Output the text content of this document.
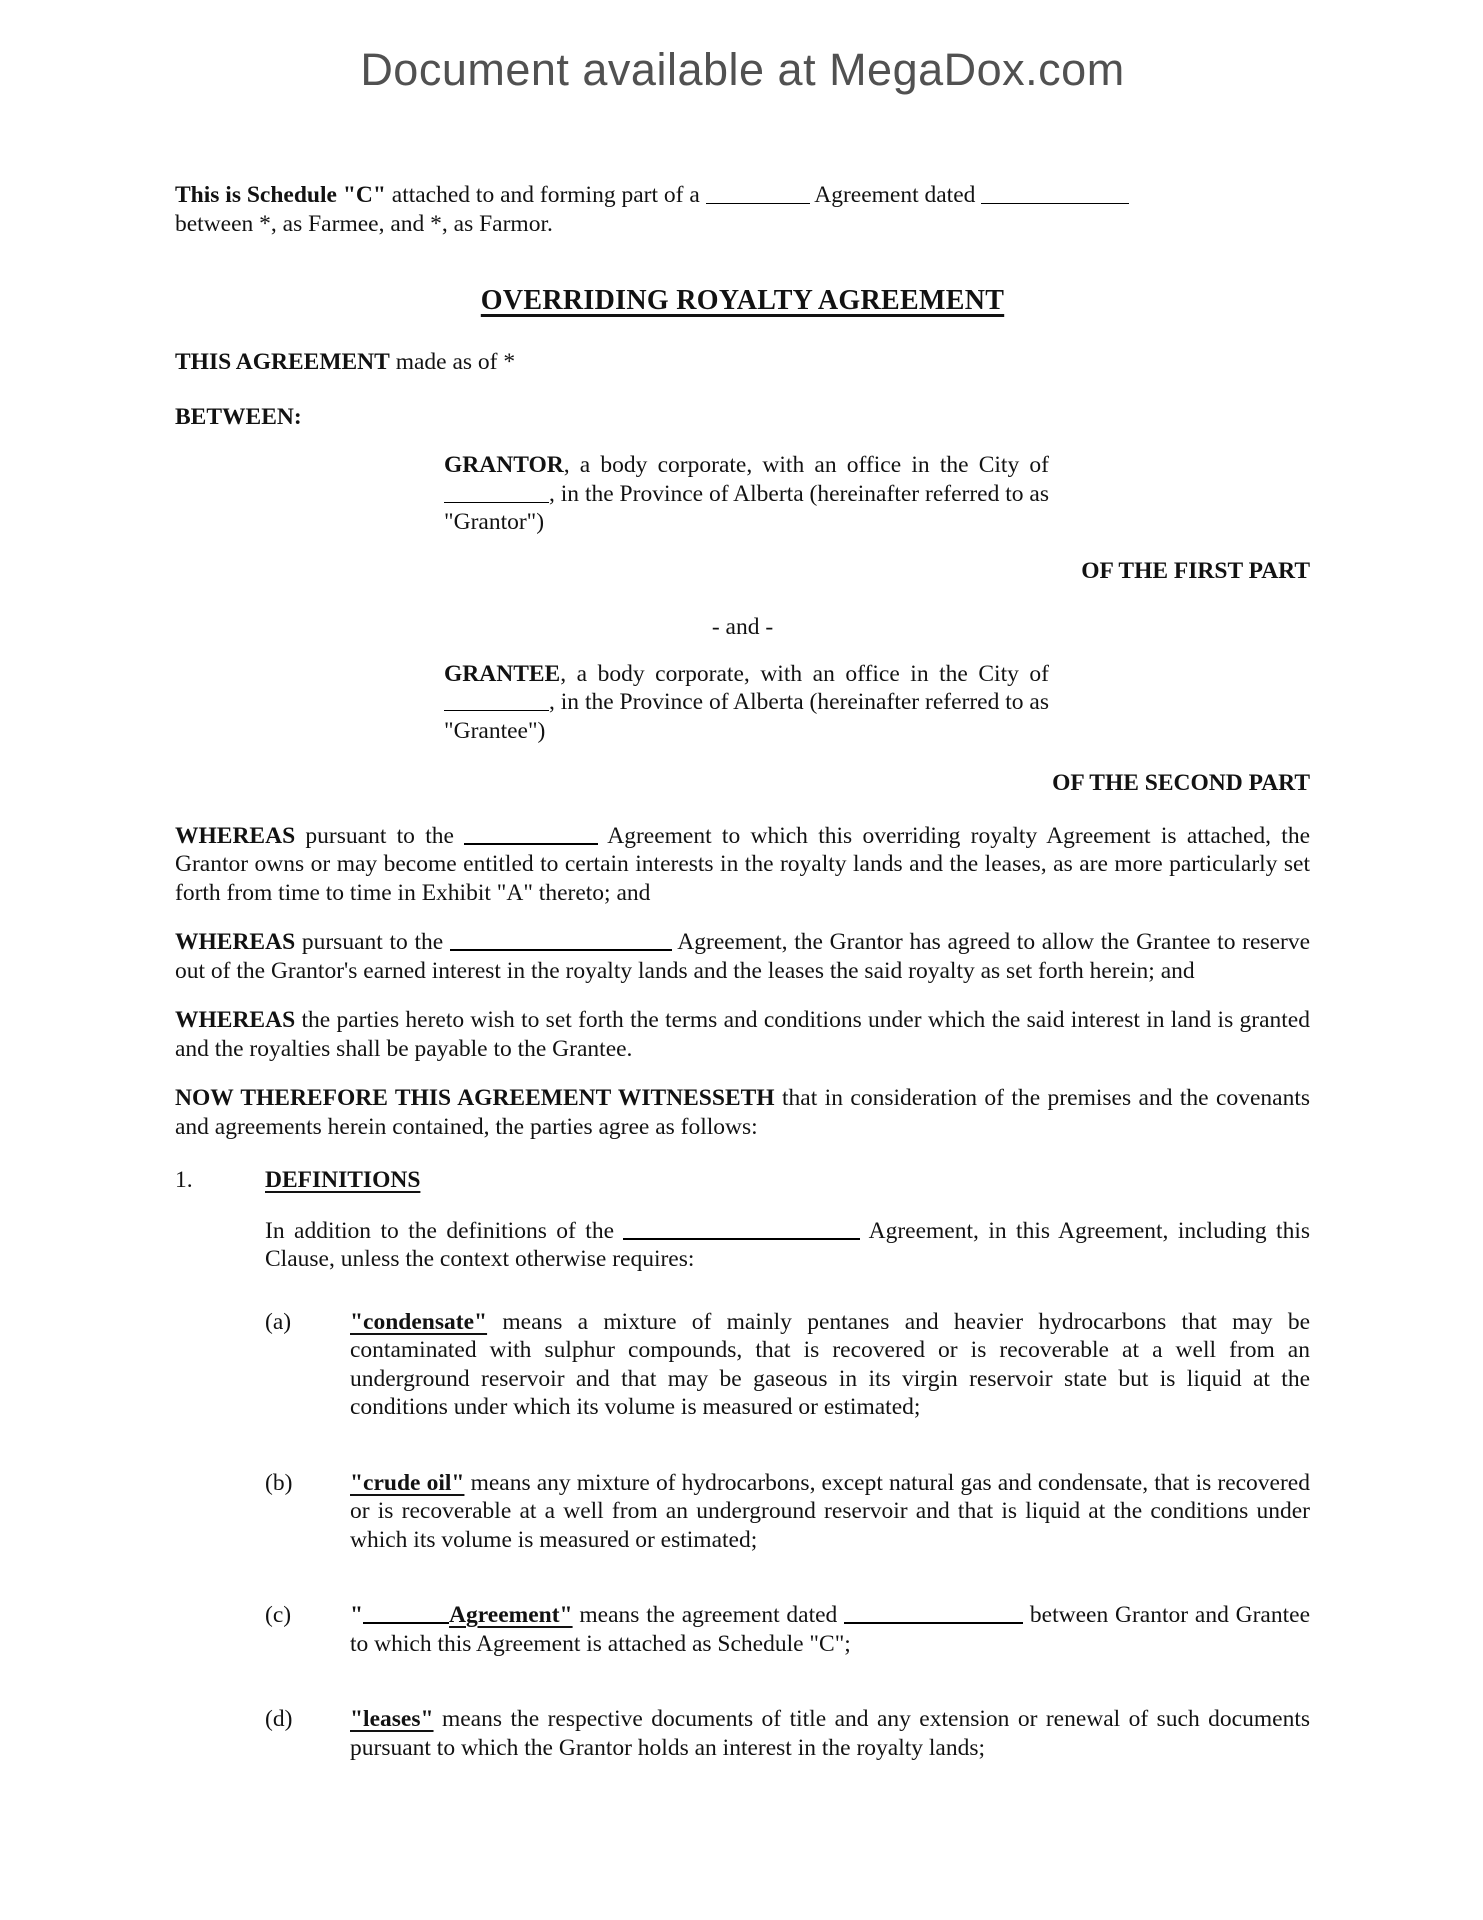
Document available at MegaDox.com

This is Schedule "C" attached to and forming part of a	Agreement dated
between *, as Farmee, and *, as Farmor.

OVERRIDING ROYALTY AGREEMENT

THIS AGREEMENT made as of *

BETWEEN:

GRANTOR, a body corporate, with an office in the City of , in the Province of Alberta (hereinafter referred to as "Grantor")

OF THE FIRST PART
- and -

GRANTEE, a body corporate, with an office in the City of , in the Province of Alberta (hereinafter referred to as "Grantee")

OF THE SECOND PART

WHEREAS pursuant to the	Agreement to which this overriding royalty Agreement is attached, the Grantor owns or may become entitled to certain interests in the royalty lands and the leases, as are more particularly set forth from time to time in Exhibit "A" thereto; and

WHEREAS pursuant to the	Agreement, the Grantor has agreed to allow the Grantee to reserve out of the Grantor's earned interest in the royalty lands and the leases the said royalty as set forth herein; and

WHEREAS the parties hereto wish to set forth the terms and conditions under which the said interest in land is granted and the royalties shall be payable to the Grantee.

NOW THEREFORE THIS AGREEMENT WITNESSETH that in consideration of the premises and the covenants and agreements herein contained, the parties agree as follows:

1.	DEFINITIONS

In addition to the definitions of the	Agreement, in this Agreement, including this Clause, unless the context otherwise requires:

(a)	"condensate" means a mixture of mainly pentanes and heavier hydrocarbons that may be contaminated with sulphur compounds, that is recovered or is recoverable at a well from an underground reservoir and that may be gaseous in its virgin reservoir state but is liquid at the conditions under which its volume is measured or estimated;
(b)	"crude oil" means any mixture of hydrocarbons, except natural gas and condensate, that is recovered or is recoverable at a well from an underground reservoir and that is liquid at the conditions under which its volume is measured or estimated;
(c)	"	Agreement" means the agreement dated	between Grantor and Grantee to which this Agreement is attached as Schedule "C";
(d)	"leases" means the respective documents of title and any extension or renewal of such documents pursuant to which the Grantor holds an interest in the royalty lands;
